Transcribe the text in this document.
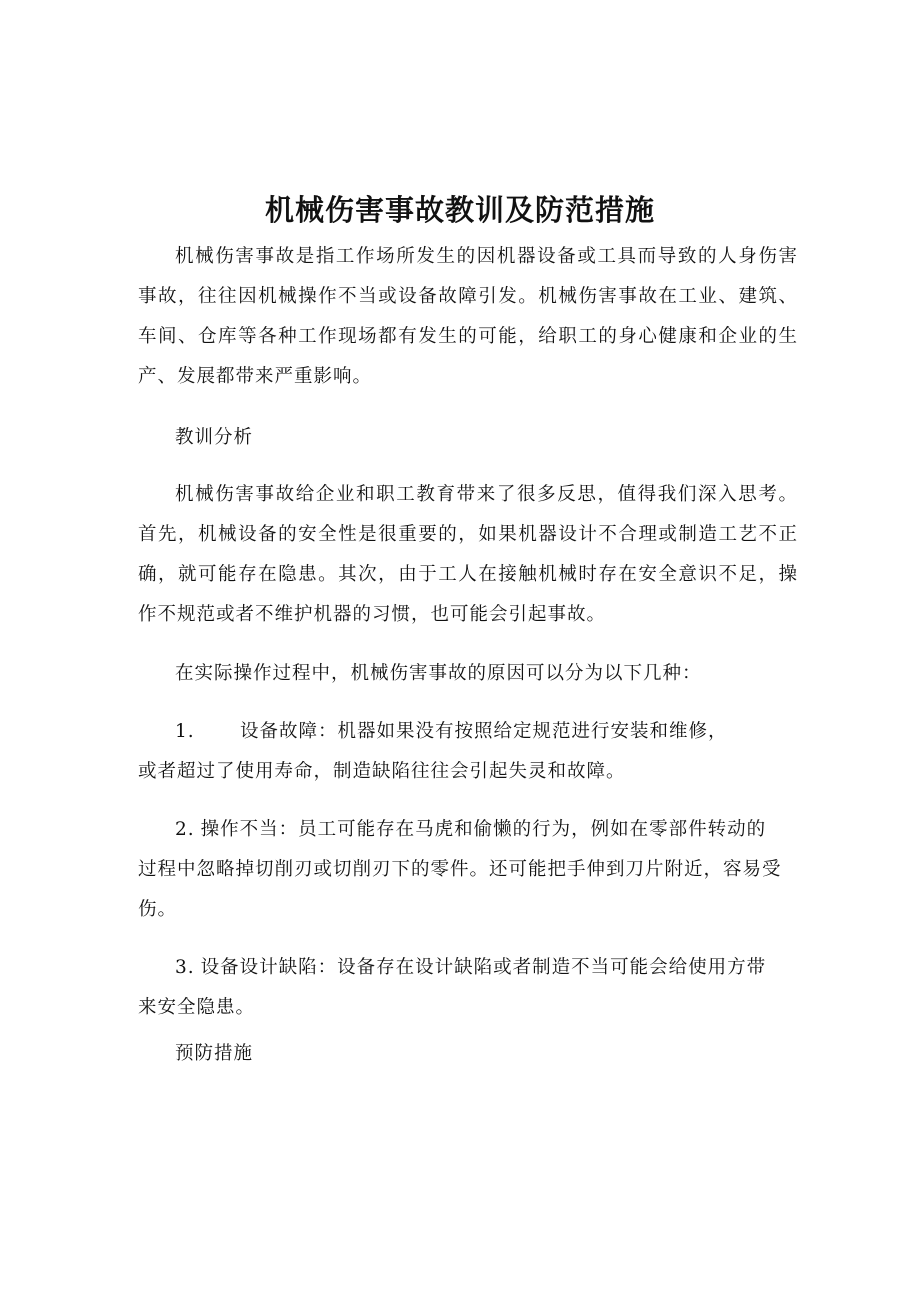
机械伤害事故教训及防范措施

机械伤害事故是指工作场所发生的因机器设备或工具而导致的人身伤害事故，往往因机械操作不当或设备故障引发。机械伤害事故在工业、建筑、车间、仓库等各种工作现场都有发生的可能，给职工的身心健康和企业的生产、发展都带来严重影响。

教训分析

机械伤害事故给企业和职工教育带来了很多反思，值得我们深入思考。首先，机械设备的安全性是很重要的，如果机器设计不合理或制造工艺不正确，就可能存在隐患。其次，由于工人在接触机械时存在安全意识不足，操作不规范或者不维护机器的习惯，也可能会引起事故。

在实际操作过程中，机械伤害事故的原因可以分为以下几种：

1. 设备故障：机器如果没有按照给定规范进行安装和维修，
或者超过了使用寿命，制造缺陷往往会引起失灵和故障。
2. 操作不当：员工可能存在马虎和偷懒的行为，例如在零部件转动的
过程中忽略掉切削刃或切削刃下的零件。还可能把手伸到刀片附近，容易受伤。
3. 设备设计缺陷：设备存在设计缺陷或者制造不当可能会给使用方带
来安全隐患。

预防措施
